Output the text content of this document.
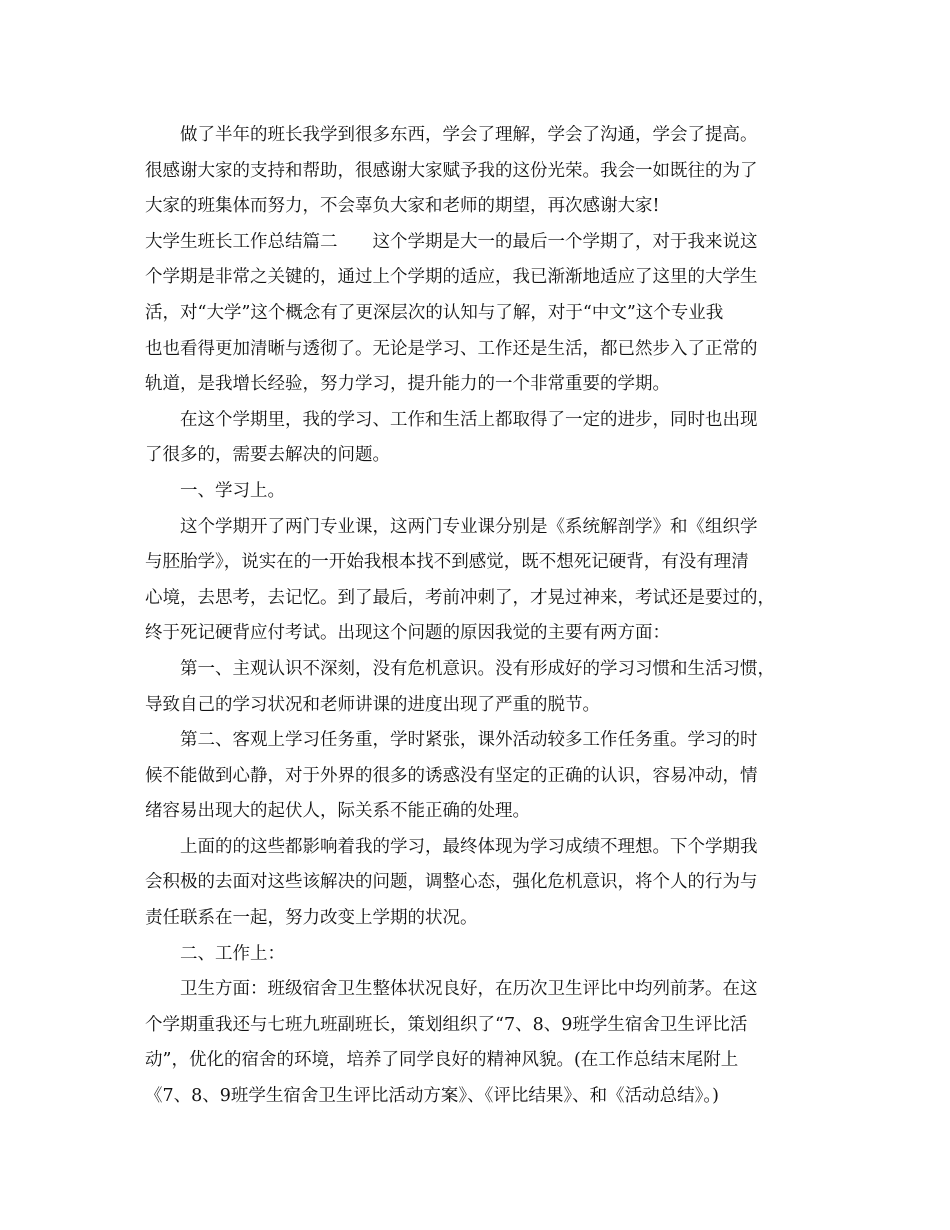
做了半年的班长我学到很多东西，学会了理解，学会了沟通，学会了提高。
很感谢大家的支持和帮助，很感谢大家赋予我的这份光荣。我会一如既往的为了
大家的班集体而努力，不会辜负大家和老师的期望，再次感谢大家!
大学生班长工作总结篇二　　这个学期是大一的最后一个学期了，对于我来说这
个学期是非常之关键的，通过上个学期的适应，我已渐渐地适应了这里的大学生
活，对“大学”这个概念有了更深层次的认知与了解，对于“中文”这个专业我
也也看得更加清晰与透彻了。无论是学习、工作还是生活，都已然步入了正常的
轨道，是我增长经验，努力学习，提升能力的一个非常重要的学期。
在这个学期里，我的学习、工作和生活上都取得了一定的进步，同时也出现
了很多的，需要去解决的问题。
一、学习上。
这个学期开了两门专业课，这两门专业课分别是《系统解剖学》和《组织学
与胚胎学》，说实在的一开始我根本找不到感觉，既不想死记硬背，有没有理清
心境，去思考，去记忆。到了最后，考前冲刺了，才晃过神来，考试还是要过的，
终于死记硬背应付考试。出现这个问题的原因我觉的主要有两方面：
第一、主观认识不深刻，没有危机意识。没有形成好的学习习惯和生活习惯，
导致自己的学习状况和老师讲课的进度出现了严重的脱节。
第二、客观上学习任务重，学时紧张，课外活动较多工作任务重。学习的时
候不能做到心静，对于外界的很多的诱惑没有坚定的正确的认识，容易冲动，情
绪容易出现大的起伏人，际关系不能正确的处理。
上面的的这些都影响着我的学习，最终体现为学习成绩不理想。下个学期我
会积极的去面对这些该解决的问题，调整心态，强化危机意识，将个人的行为与
责任联系在一起，努力改变上学期的状况。
二、工作上：
卫生方面：班级宿舍卫生整体状况良好，在历次卫生评比中均列前茅。在这
个学期重我还与七班九班副班长，策划组织了“7、8、9班学生宿舍卫生评比活
动”，优化的宿舍的环境，培养了同学良好的精神风貌。(在工作总结末尾附上
《7、8、9班学生宿舍卫生评比活动方案》、《评比结果》、和《活动总结》。)
